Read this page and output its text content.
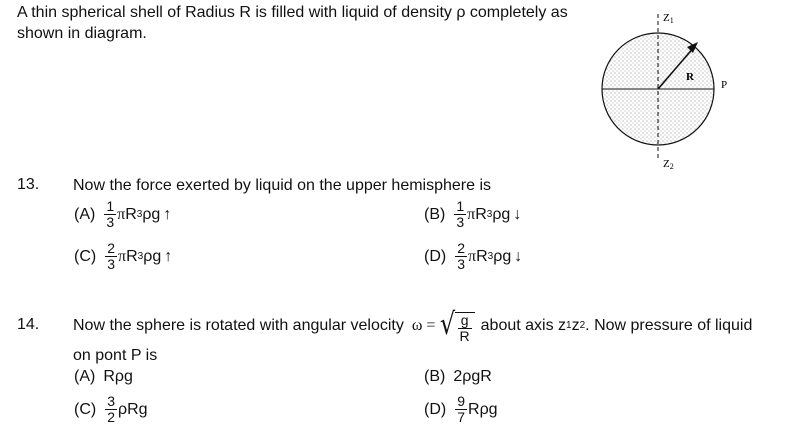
A thin spherical shell of Radius R is filled with liquid of density ρ completely as
shown in diagram.
R
P
Z1
Z2
13. Now the force exerted by liquid on the upper hemisphere is
$(A) \frac{1}{3}$ π R 3 ρg ↑	$(B) \frac{1}{3}$ π R 3 ρg ↓
$(C) \frac{2}{3}$ π R 3 ρg ↑	$(D) \frac{2}{3}$ π R 3 ρg ↓
14. Now the sphere is rotated with angular velocity ω = √ $\frac{g}{R}$ about axis z 1 z 2 . Now pressure of liquid
on pont P is
(A) Rρg	(B) 2ρgR
$(C) \frac{3}{2}$ ρRg	$(D) \frac{9}{7}$ Rρg
